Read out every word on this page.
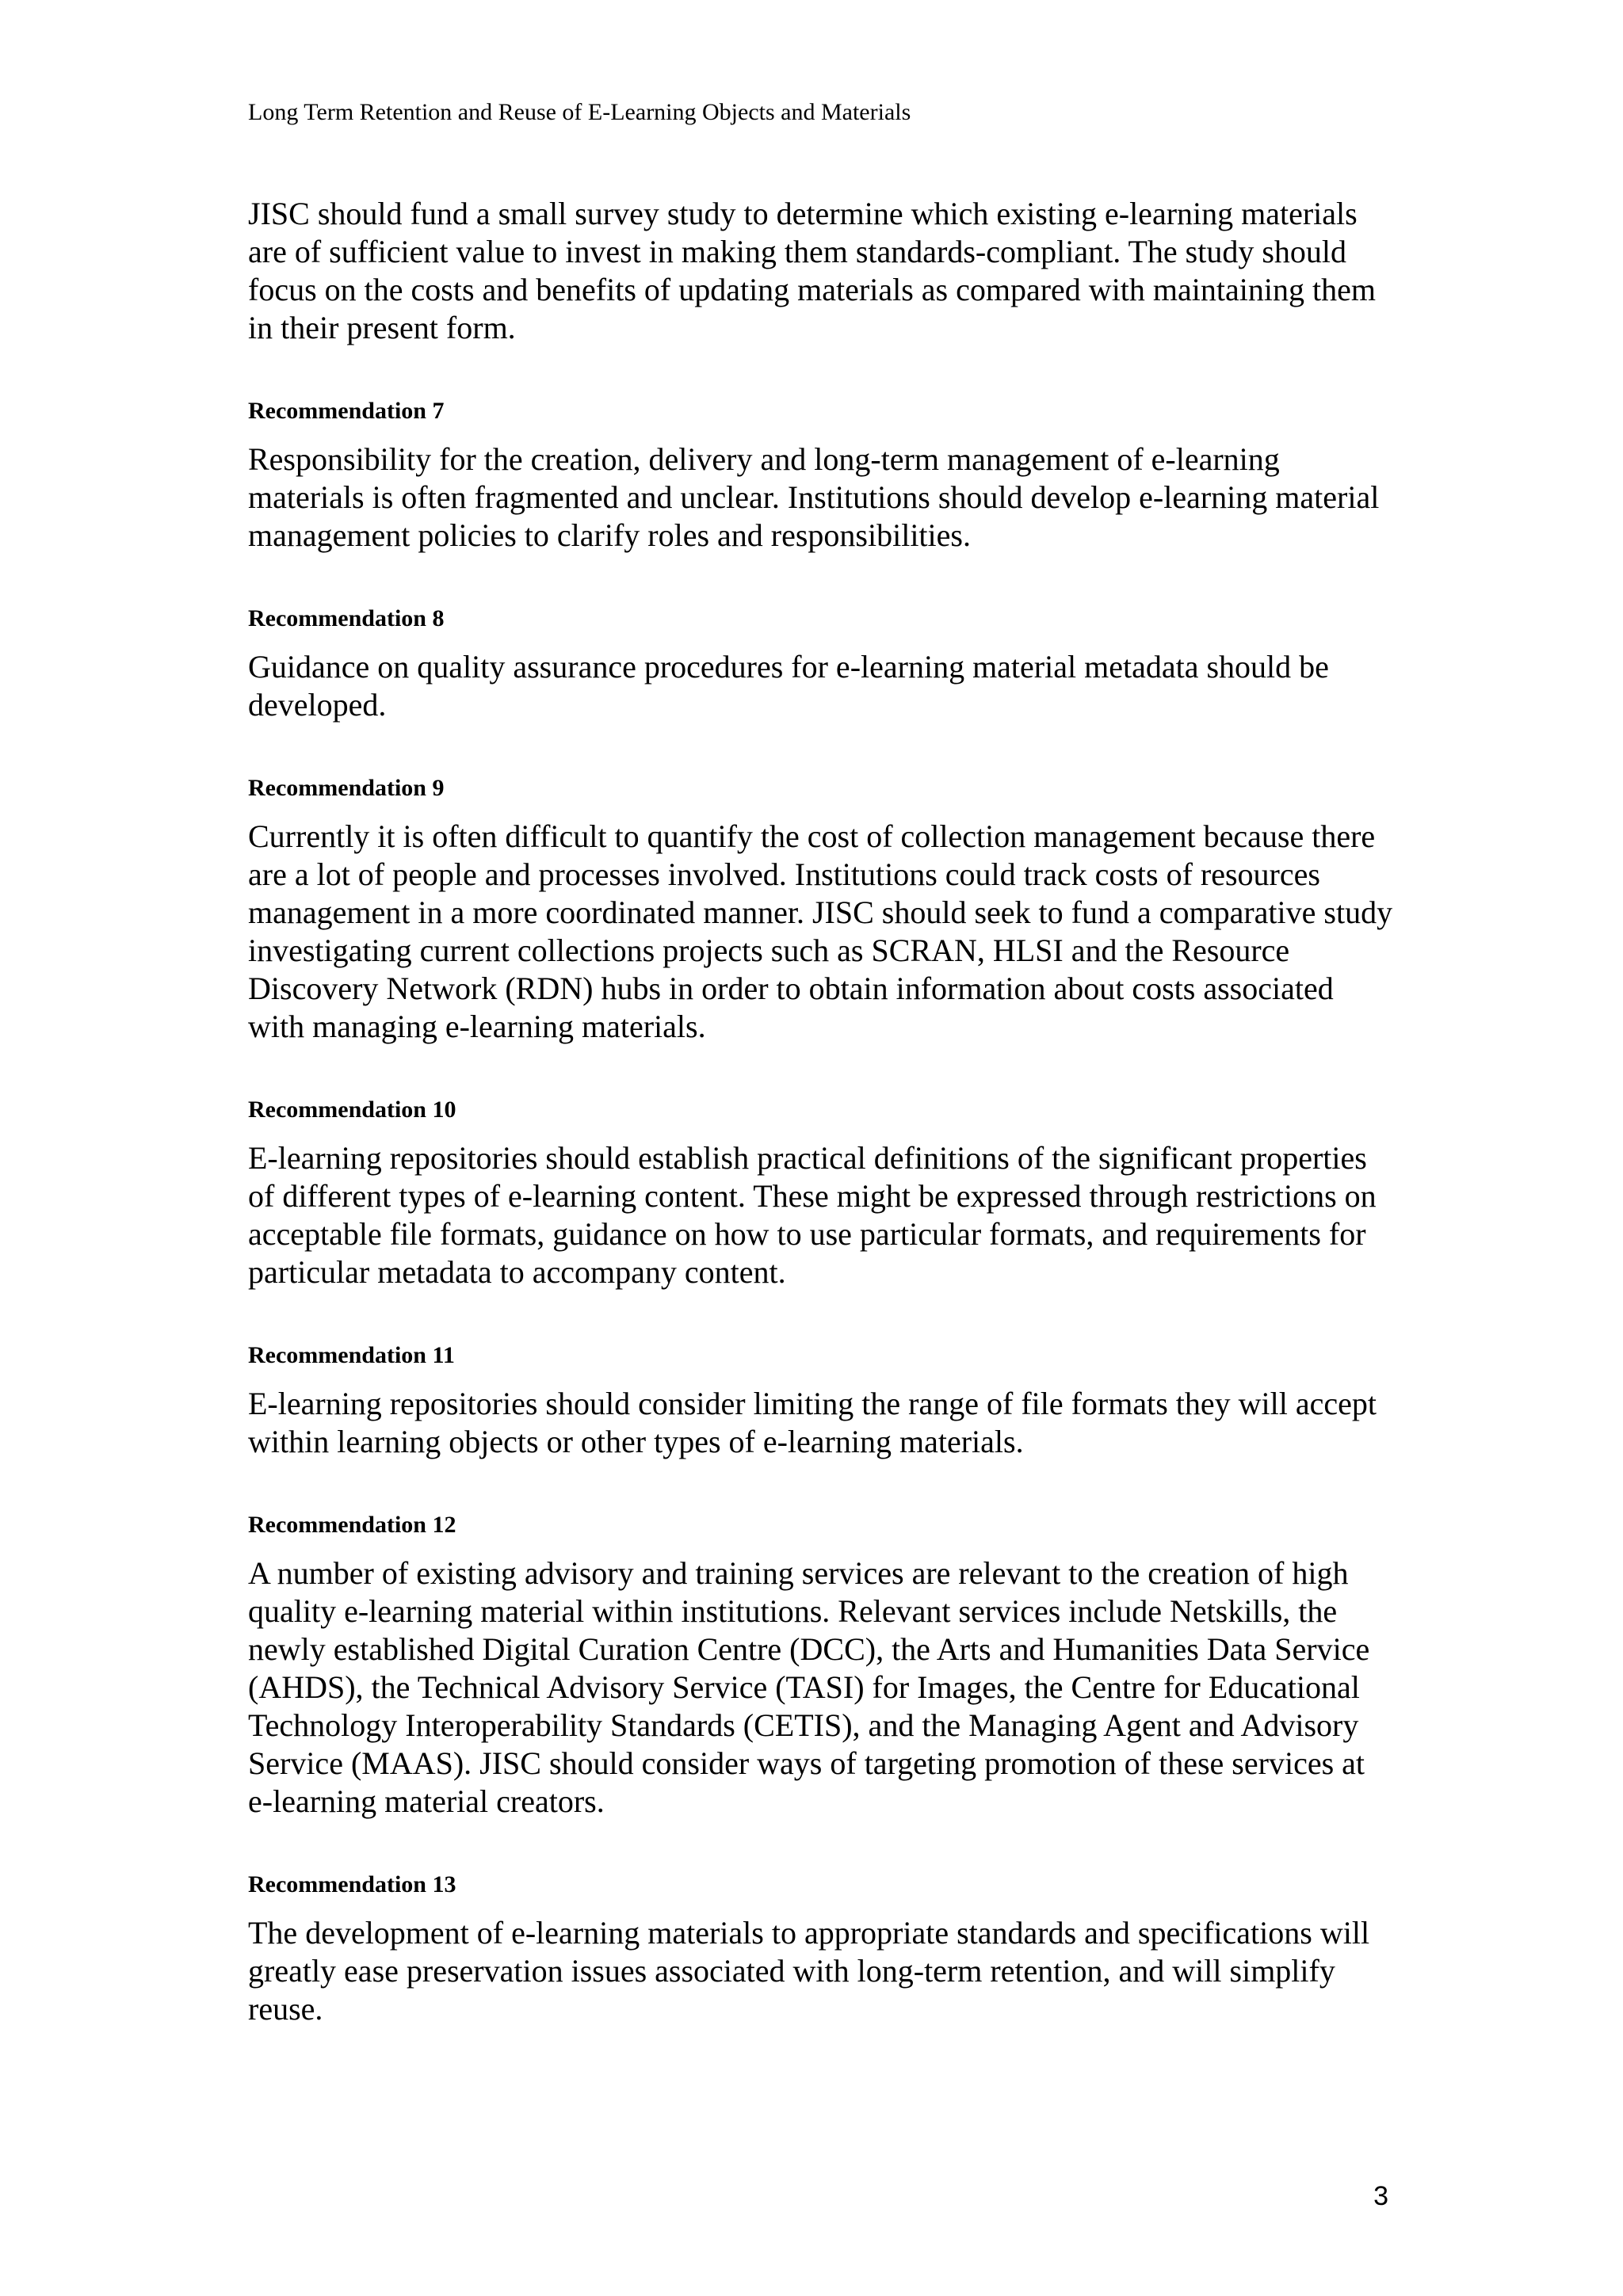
Long Term Retention and Reuse of E-Learning Objects and Materials

JISC should fund a small survey study to determine which existing e-learning materials are of sufficient value to invest in making them standards-compliant. The study should focus on the costs and benefits of updating materials as compared with maintaining them in their present form.

Recommendation 7

Responsibility for the creation, delivery and long-term management of e-learning materials is often fragmented and unclear. Institutions should develop e-learning material management policies to clarify roles and responsibilities.

Recommendation 8

Guidance on quality assurance procedures for e-learning material metadata should be developed.

Recommendation 9

Currently it is often difficult to quantify the cost of collection management because there are a lot of people and processes involved. Institutions could track costs of resources management in a more coordinated manner. JISC should seek to fund a comparative study investigating current collections projects such as SCRAN, HLSI and the Resource Discovery Network (RDN) hubs in order to obtain information about costs associated with managing e-learning materials.

Recommendation 10

E-learning repositories should establish practical definitions of the significant properties of different types of e-learning content. These might be expressed through restrictions on acceptable file formats, guidance on how to use particular formats, and requirements for particular metadata to accompany content.

Recommendation 11

E-learning repositories should consider limiting the range of file formats they will accept within learning objects or other types of e-learning materials.

Recommendation 12

A number of existing advisory and training services are relevant to the creation of high quality e-learning material within institutions. Relevant services include Netskills, the newly established Digital Curation Centre (DCC), the Arts and Humanities Data Service (AHDS), the Technical Advisory Service (TASI) for Images, the Centre for Educational Technology Interoperability Standards (CETIS), and the Managing Agent and Advisory Service (MAAS). JISC should consider ways of targeting promotion of these services at e-learning material creators.

Recommendation 13

The development of e-learning materials to appropriate standards and specifications will greatly ease preservation issues associated with long-term retention, and will simplify reuse.

3
